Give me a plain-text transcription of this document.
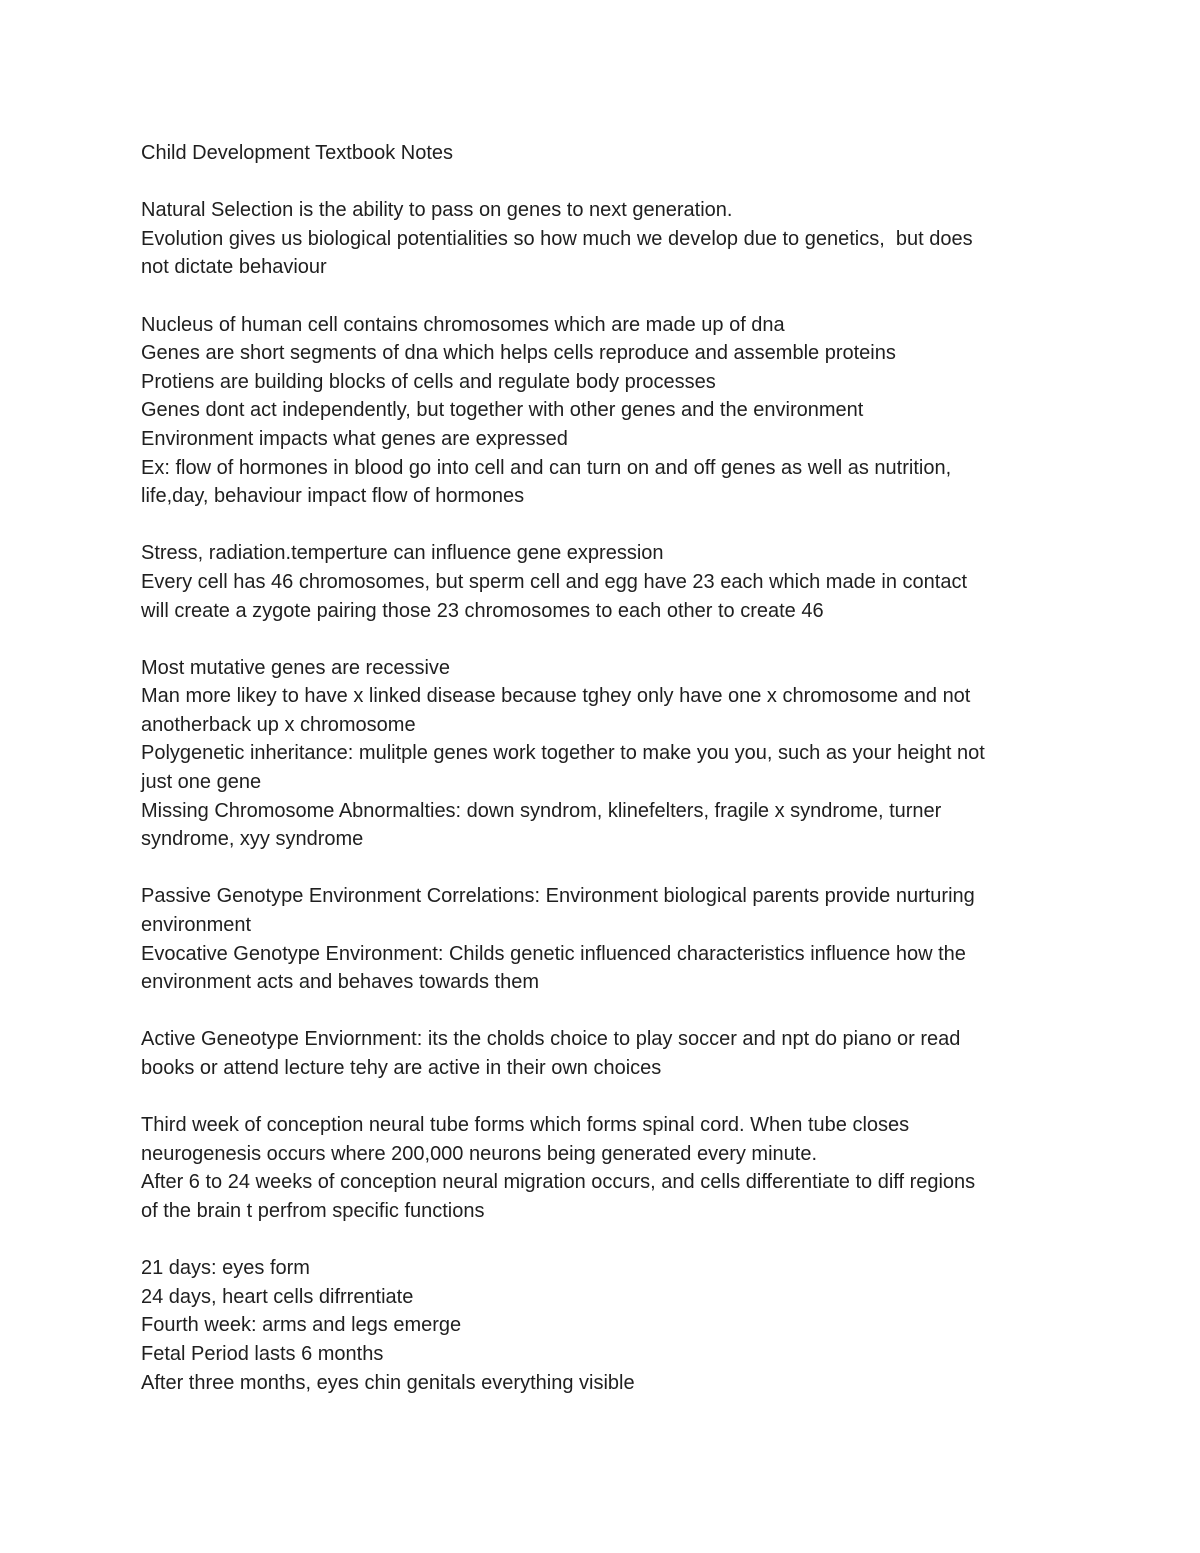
Child Development Textbook Notes
Natural Selection is the ability to pass on genes to next generation.
Evolution gives us biological potentialities so how much we develop due to genetics,  but does
not dictate behaviour
Nucleus of human cell contains chromosomes which are made up of dna
Genes are short segments of dna which helps cells reproduce and assemble proteins
Protiens are building blocks of cells and regulate body processes
Genes dont act independently, but together with other genes and the environment
Environment impacts what genes are expressed
Ex: flow of hormones in blood go into cell and can turn on and off genes as well as nutrition,
life,day, behaviour impact flow of hormones
Stress, radiation.temperture can influence gene expression
Every cell has 46 chromosomes, but sperm cell and egg have 23 each which made in contact
will create a zygote pairing those 23 chromosomes to each other to create 46
Most mutative genes are recessive
Man more likey to have x linked disease because tghey only have one x chromosome and not
anotherback up x chromosome
Polygenetic inheritance: mulitple genes work together to make you you, such as your height not
just one gene
Missing Chromosome Abnormalties: down syndrom, klinefelters, fragile x syndrome, turner
syndrome, xyy syndrome
Passive Genotype Environment Correlations: Environment biological parents provide nurturing
environment
Evocative Genotype Environment: Childs genetic influenced characteristics influence how the
environment acts and behaves towards them
Active Geneotype Enviornment: its the cholds choice to play soccer and npt do piano or read
books or attend lecture tehy are active in their own choices
Third week of conception neural tube forms which forms spinal cord. When tube closes
neurogenesis occurs where 200,000 neurons being generated every minute.
After 6 to 24 weeks of conception neural migration occurs, and cells differentiate to diff regions
of the brain t perfrom specific functions
21 days: eyes form
24 days, heart cells difrrentiate
Fourth week: arms and legs emerge
Fetal Period lasts 6 months
After three months, eyes chin genitals everything visible
